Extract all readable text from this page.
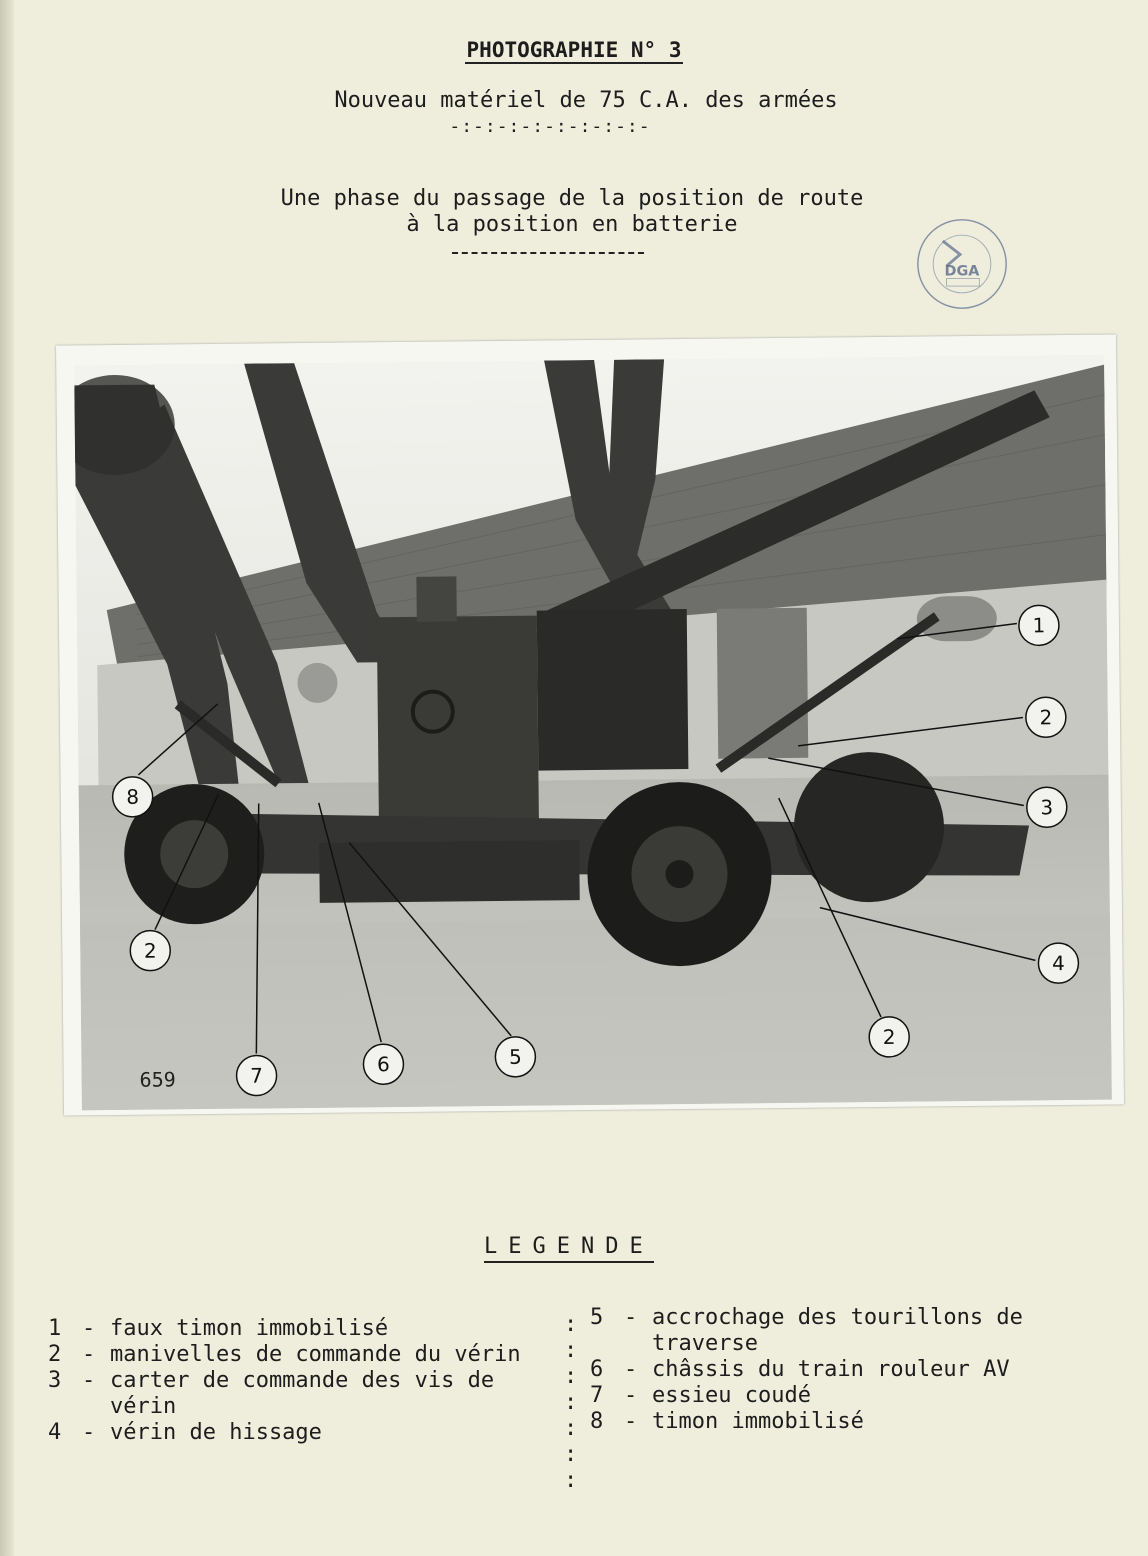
PHOTOGRAPHIE N° 3
Nouveau matériel de 75 C.A. des armées
-:-:-:-:-:-:-:-:-
Une phase du passage de la position de route
à la position en batterie
DGA
1
2
3
4
2
5
6
7
2
8
659
LEGENDE
1 - faux timon immobilisé
2 - manivelles de commande du vérin
3 - carter de commande des vis de vérin
4 - vérin de hissage
:
:
:
:
:
:
:
5 - accrochage des tourillons de traverse
6 - châssis du train rouleur AV
7 - essieu coudé
8 - timon immobilisé
